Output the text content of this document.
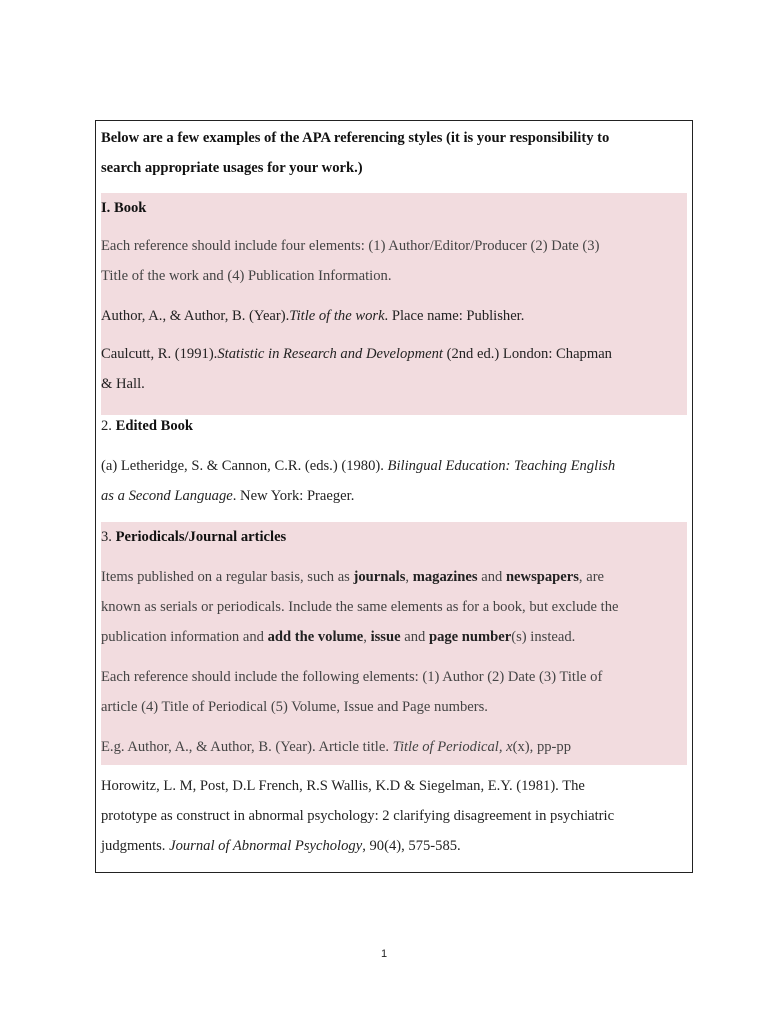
Below are a few examples of the APA referencing styles (it is your responsibility to

search appropriate usages for your work.)

I. Book

Each reference should include four elements: (1) Author/Editor/Producer (2) Date (3)

Title of the work and (4) Publication Information.

Author, A., & Author, B. (Year).Title of the work. Place name: Publisher.

Caulcutt, R. (1991).Statistic in Research and Development (2nd ed.) London: Chapman

& Hall.

2. Edited Book

(a) Letheridge, S. & Cannon, C.R. (eds.) (1980). Bilingual Education: Teaching English

as a Second Language. New York: Praeger.

3. Periodicals/Journal articles

Items published on a regular basis, such as journals, magazines and newspapers, are

known as serials or periodicals. Include the same elements as for a book, but exclude the

publication information and add the volume, issue and page number(s) instead.

Each reference should include the following elements: (1) Author (2) Date (3) Title of

article (4) Title of Periodical (5) Volume, Issue and Page numbers.

E.g. Author, A., & Author, B. (Year). Article title. Title of Periodical, x(x), pp-pp

Horowitz, L. M, Post, D.L French, R.S Wallis, K.D & Siegelman, E.Y. (1981). The

prototype as construct in abnormal psychology: 2 clarifying disagreement in psychiatric

judgments. Journal of Abnormal Psychology, 90(4), 575-585.

1
